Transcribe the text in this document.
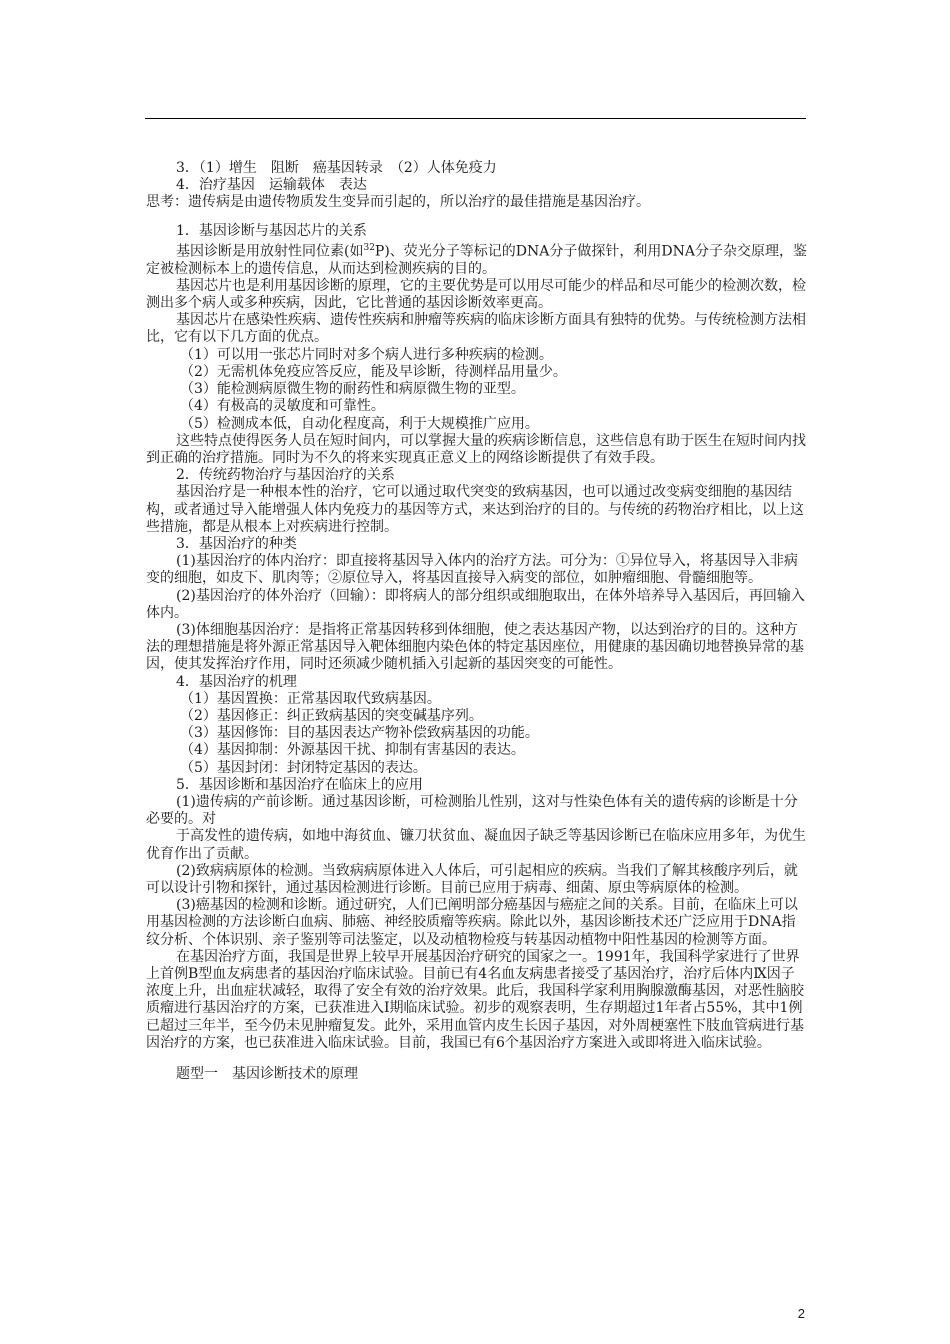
3．（1）增生　阻断　癌基因转录　（2）人体免疫力

4．治疗基因　运输载体　表达

思考：遗传病是由遗传物质发生变异而引起的，所以治疗的最佳措施是基因治疗。

1．基因诊断与基因芯片的关系

基因诊断是用放射性同位素(如$^{32}$P)、荧光分子等标记的DNA分子做探针，利用DNA分子杂交原理，鉴定被检测标本上的遗传信息，从而达到检测疾病的目的。

基因芯片也是利用基因诊断的原理，它的主要优势是可以用尽可能少的样品和尽可能少的检测次数，检测出多个病人或多种疾病，因此，它比普通的基因诊断效率更高。

基因芯片在感染性疾病、遗传性疾病和肿瘤等疾病的临床诊断方面具有独特的优势。与传统检测方法相比，它有以下几方面的优点。

（1）可以用一张芯片同时对多个病人进行多种疾病的检测。

（2）无需机体免疫应答反应，能及早诊断，待测样品用量少。

（3）能检测病原微生物的耐药性和病原微生物的亚型。

（4）有极高的灵敏度和可靠性。

（5）检测成本低，自动化程度高，利于大规模推广应用。

这些特点使得医务人员在短时间内，可以掌握大量的疾病诊断信息，这些信息有助于医生在短时间内找到正确的治疗措施。同时为不久的将来实现真正意义上的网络诊断提供了有效手段。

2．传统药物治疗与基因治疗的关系

基因治疗是一种根本性的治疗，它可以通过取代突变的致病基因，也可以通过改变病变细胞的基因结构，或者通过导入能增强人体内免疫力的基因等方式，来达到治疗的目的。与传统的药物治疗相比，以上这些措施，都是从根本上对疾病进行控制。

3．基因治疗的种类

(1)基因治疗的体内治疗：即直接将基因导入体内的治疗方法。可分为：①异位导入，将基因导入非病变的细胞，如皮下、肌肉等；②原位导入，将基因直接导入病变的部位，如肿瘤细胞、骨髓细胞等。

(2)基因治疗的体外治疗（回输）：即将病人的部分组织或细胞取出，在体外培养导入基因后，再回输入体内。

(3)体细胞基因治疗：是指将正常基因转移到体细胞，使之表达基因产物，以达到治疗的目的。这种方法的理想措施是将外源正常基因导入靶体细胞内染色体的特定基因座位，用健康的基因确切地替换异常的基因，使其发挥治疗作用，同时还须减少随机插入引起新的基因突变的可能性。

4．基因治疗的机理

（1）基因置换：正常基因取代致病基因。

（2）基因修正：纠正致病基因的突变碱基序列。

（3）基因修饰：目的基因表达产物补偿致病基因的功能。

（4）基因抑制：外源基因干扰、抑制有害基因的表达。

（5）基因封闭：封闭特定基因的表达。

5．基因诊断和基因治疗在临床上的应用

(1)遗传病的产前诊断。通过基因诊断，可检测胎儿性别，这对与性染色体有关的遗传病的诊断是十分必要的。对

于高发性的遗传病，如地中海贫血、镰刀状贫血、凝血因子缺乏等基因诊断已在临床应用多年，为优生优育作出了贡献。

(2)致病病原体的检测。当致病病原体进入人体后，可引起相应的疾病。当我们了解其核酸序列后，就可以设计引物和探针，通过基因检测进行诊断。目前已应用于病毒、细菌、原虫等病原体的检测。

(3)癌基因的检测和诊断。通过研究，人们已阐明部分癌基因与癌症之间的关系。目前，在临床上可以用基因检测的方法诊断白血病、肺癌、神经胶质瘤等疾病。除此以外，基因诊断技术还广泛应用于DNA指纹分析、个体识别、亲子鉴别等司法鉴定，以及动植物检疫与转基因动植物中阳性基因的检测等方面。

在基因治疗方面，我国是世界上较早开展基因治疗研究的国家之一。1991年，我国科学家进行了世界上首例B型血友病患者的基因治疗临床试验。目前已有4名血友病患者接受了基因治疗，治疗后体内Ⅸ因子浓度上升，出血症状减轻，取得了安全有效的治疗效果。此后，我国科学家利用胸腺激酶基因，对恶性脑胶质瘤进行基因治疗的方案，已获准进入Ⅰ期临床试验。初步的观察表明，生存期超过1年者占55%，其中1例已超过三年半，至今仍未见肿瘤复发。此外，采用血管内皮生长因子基因，对外周梗塞性下肢血管病进行基因治疗的方案，也已获准进入临床试验。目前，我国已有6个基因治疗方案进入或即将进入临床试验。

题型一　基因诊断技术的原理

2
